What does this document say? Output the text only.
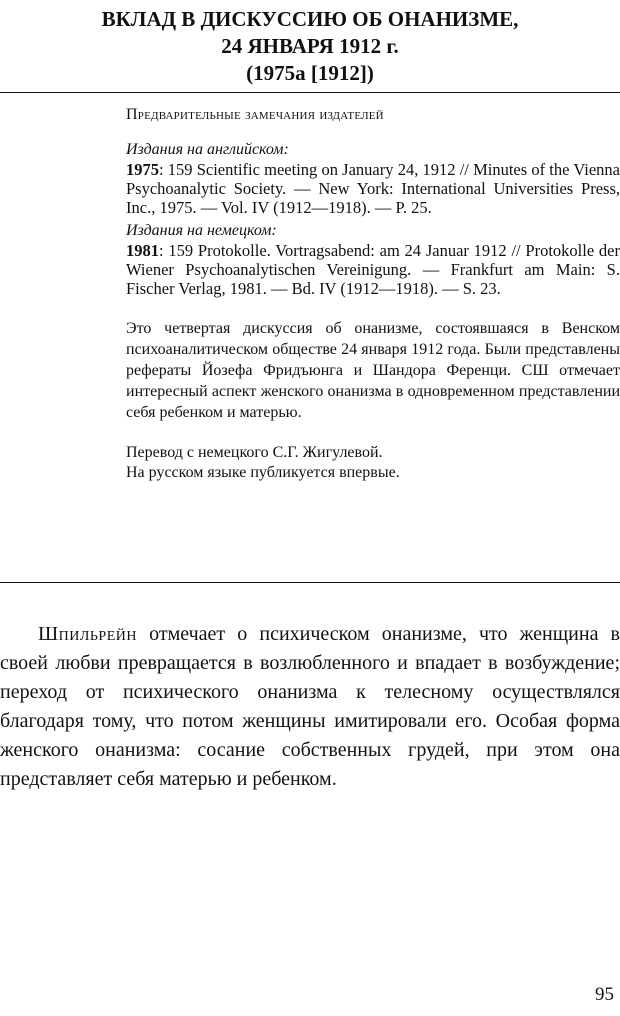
ВКЛАД В ДИСКУССИЮ ОБ ОНАНИЗМЕ,
24 ЯНВАРЯ 1912 г.
(1975а [1912])
Предварительные замечания издателей
Издания на английском:
1975: 159 Scientific meeting on January 24, 1912 // Minutes of the Vienna Psychoanalytic Society. — New York: International Universities Press, Inc., 1975. — Vol. IV (1912—1918). — P. 25.
Издания на немецком:
1981: 159 Protokolle. Vortragsabend: am 24 Januar 1912 // Protokolle der Wiener Psychoanalytischen Vereinigung. — Frankfurt am Main: S. Fischer Verlag, 1981. — Bd. IV (1912—1918). — S. 23.
Это четвертая дискуссия об онанизме, состоявшаяся в Венском психоаналитическом обществе 24 января 1912 года. Были представлены рефераты Йозефа Фридъюнга и Шандора Ференци. СШ отмечает интересный аспект женского онанизма в одновременном представлении себя ребенком и матерью.
Перевод с немецкого С.Г. Жигулевой.
На русском языке публикуется впервые.
Шпильрейн отмечает о психическом онанизме, что женщина в своей любви превращается в возлюбленного и впадает в возбуждение; переход от психического онанизма к телесному осуществлялся благодаря тому, что потом женщины имитировали его. Особая форма женского онанизма: сосание собственных грудей, при этом она представляет себя матерью и ребенком.
95
